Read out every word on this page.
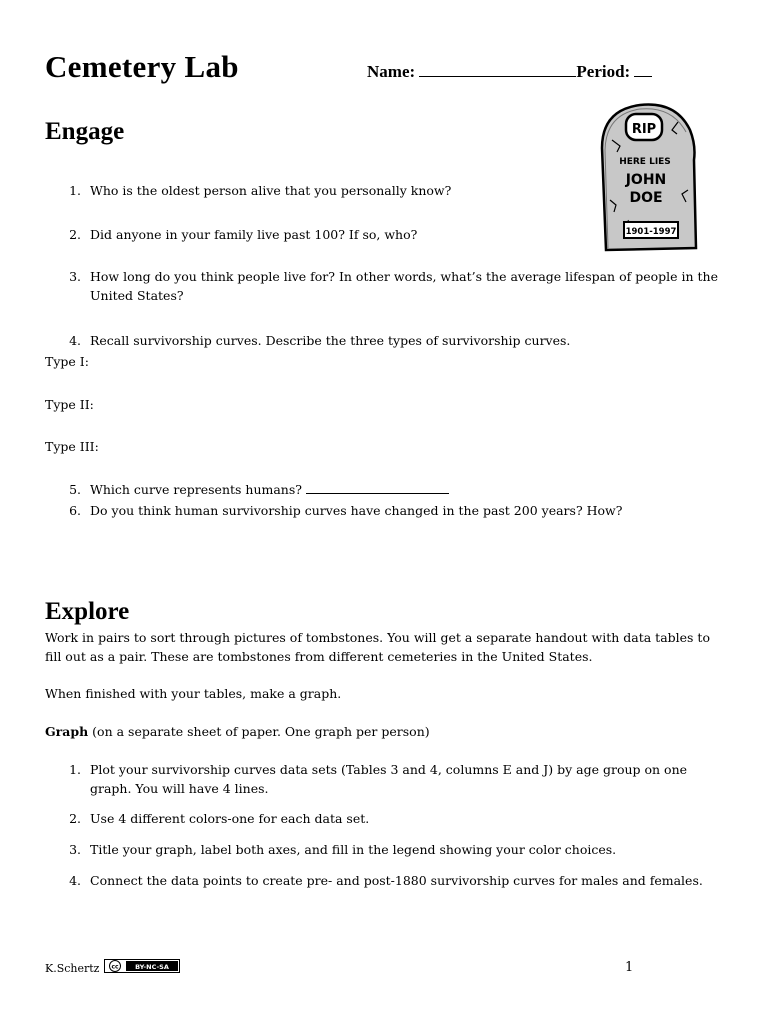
Cemetery Lab	Name:	Period:
RIP
HERE LIES
JOHN
DOE
1901-1997
Engage
1. Who is the oldest person alive that you personally know?
2. Did anyone in your family live past 100? If so, who?
3. How long do you think people live for? In other words, what’s the average lifespan of people in the United States?
4. Recall survivorship curves. Describe the three types of survivorship curves.
Type I:
Type II:
Type III:
5. Which curve represents humans?
6. Do you think human survivorship curves have changed in the past 200 years? How?
Explore
Work in pairs to sort through pictures of tombstones. You will get a separate handout with data tables to fill out as a pair. These are tombstones from different cemeteries in the United States.
When finished with your tables, make a graph.
Graph (on a separate sheet of paper. One graph per person)
1. Plot your survivorship curves data sets (Tables 3 and 4, columns E and J) by age group on one graph. You will have 4 lines.
2. Use 4 different colors-one for each data set.
3. Title your graph, label both axes, and fill in the legend showing your color choices.
4. Connect the data points to create pre- and post-1880 survivorship curves for males and females.
K.Schertz cc	BY-NC-SA	1
